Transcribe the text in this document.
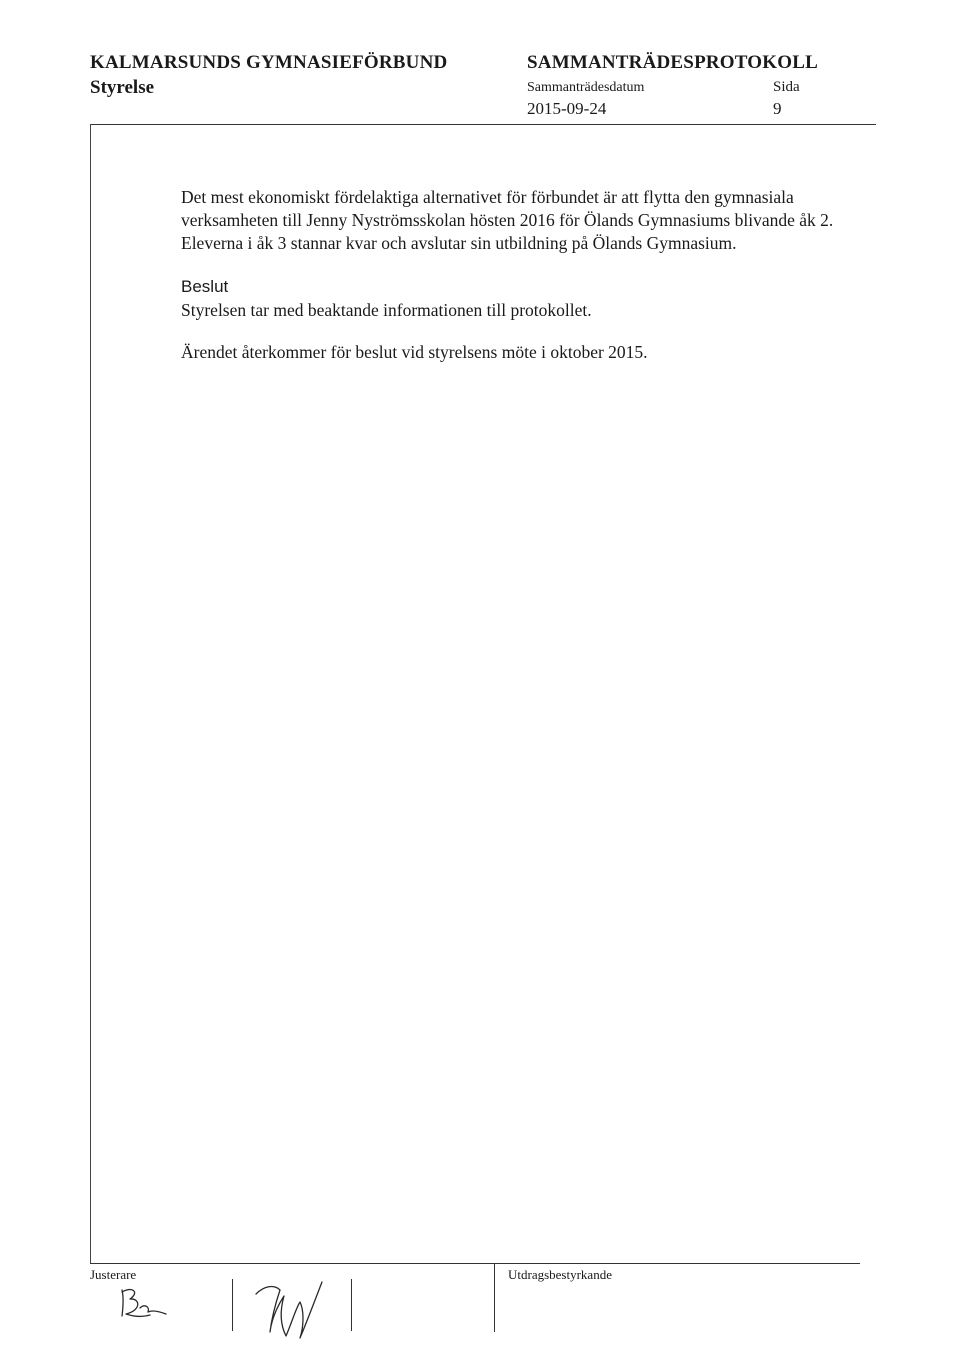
KALMARSUNDS GYMNASIEFÖRBUND
Styrelse
SAMMANTRÄDESPROTOKOLL
Sammanträdesdatum	Sida
2015-09-24	9
Det mest ekonomiskt fördelaktiga alternativet för förbundet är att flytta den gymnasiala verksamheten till Jenny Nyströmsskolan hösten 2016 för Ölands Gymnasiums blivande åk 2. Eleverna i åk 3 stannar kvar och avslutar sin utbildning på Ölands Gymnasium.
Beslut
Styrelsen tar med beaktande informationen till protokollet.
Ärendet återkommer för beslut vid styrelsens möte i oktober 2015.
Justerare	Utdragsbestyrkande
